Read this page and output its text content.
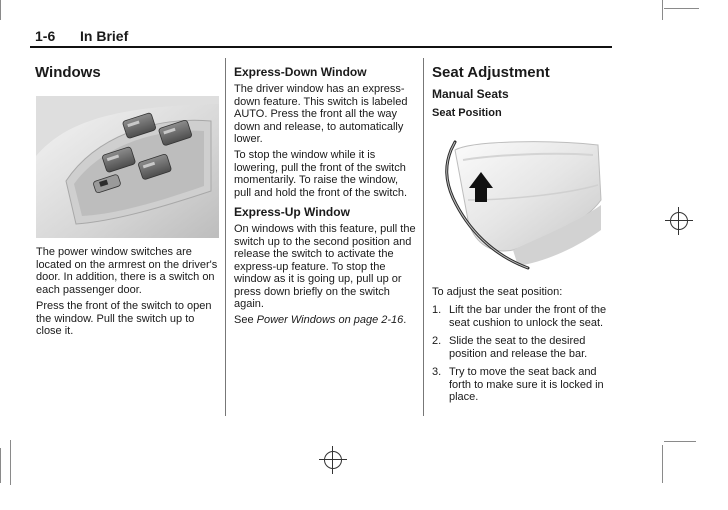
1-6 In Brief
Windows
The power window switches are located on the armrest on the driver's door. In addition, there is a switch on each passenger door.
Press the front of the switch to open the window. Pull the switch up to close it.
Express-Down Window
The driver window has an express-down feature. This switch is labeled AUTO. Press the front all the way down and release, to automatically lower.
To stop the window while it is lowering, pull the front of the switch momentarily. To raise the window, pull and hold the front of the switch.
Express-Up Window
On windows with this feature, pull the switch up to the second position and release the switch to activate the express-up feature. To stop the window as it is going up, pull up or press down briefly on the switch again.
See Power Windows on page 2-16.
Seat Adjustment
Manual Seats
Seat Position
To adjust the seat position:
1. Lift the bar under the front of the seat cushion to unlock the seat.
2. Slide the seat to the desired position and release the bar.
3. Try to move the seat back and forth to make sure it is locked in place.
